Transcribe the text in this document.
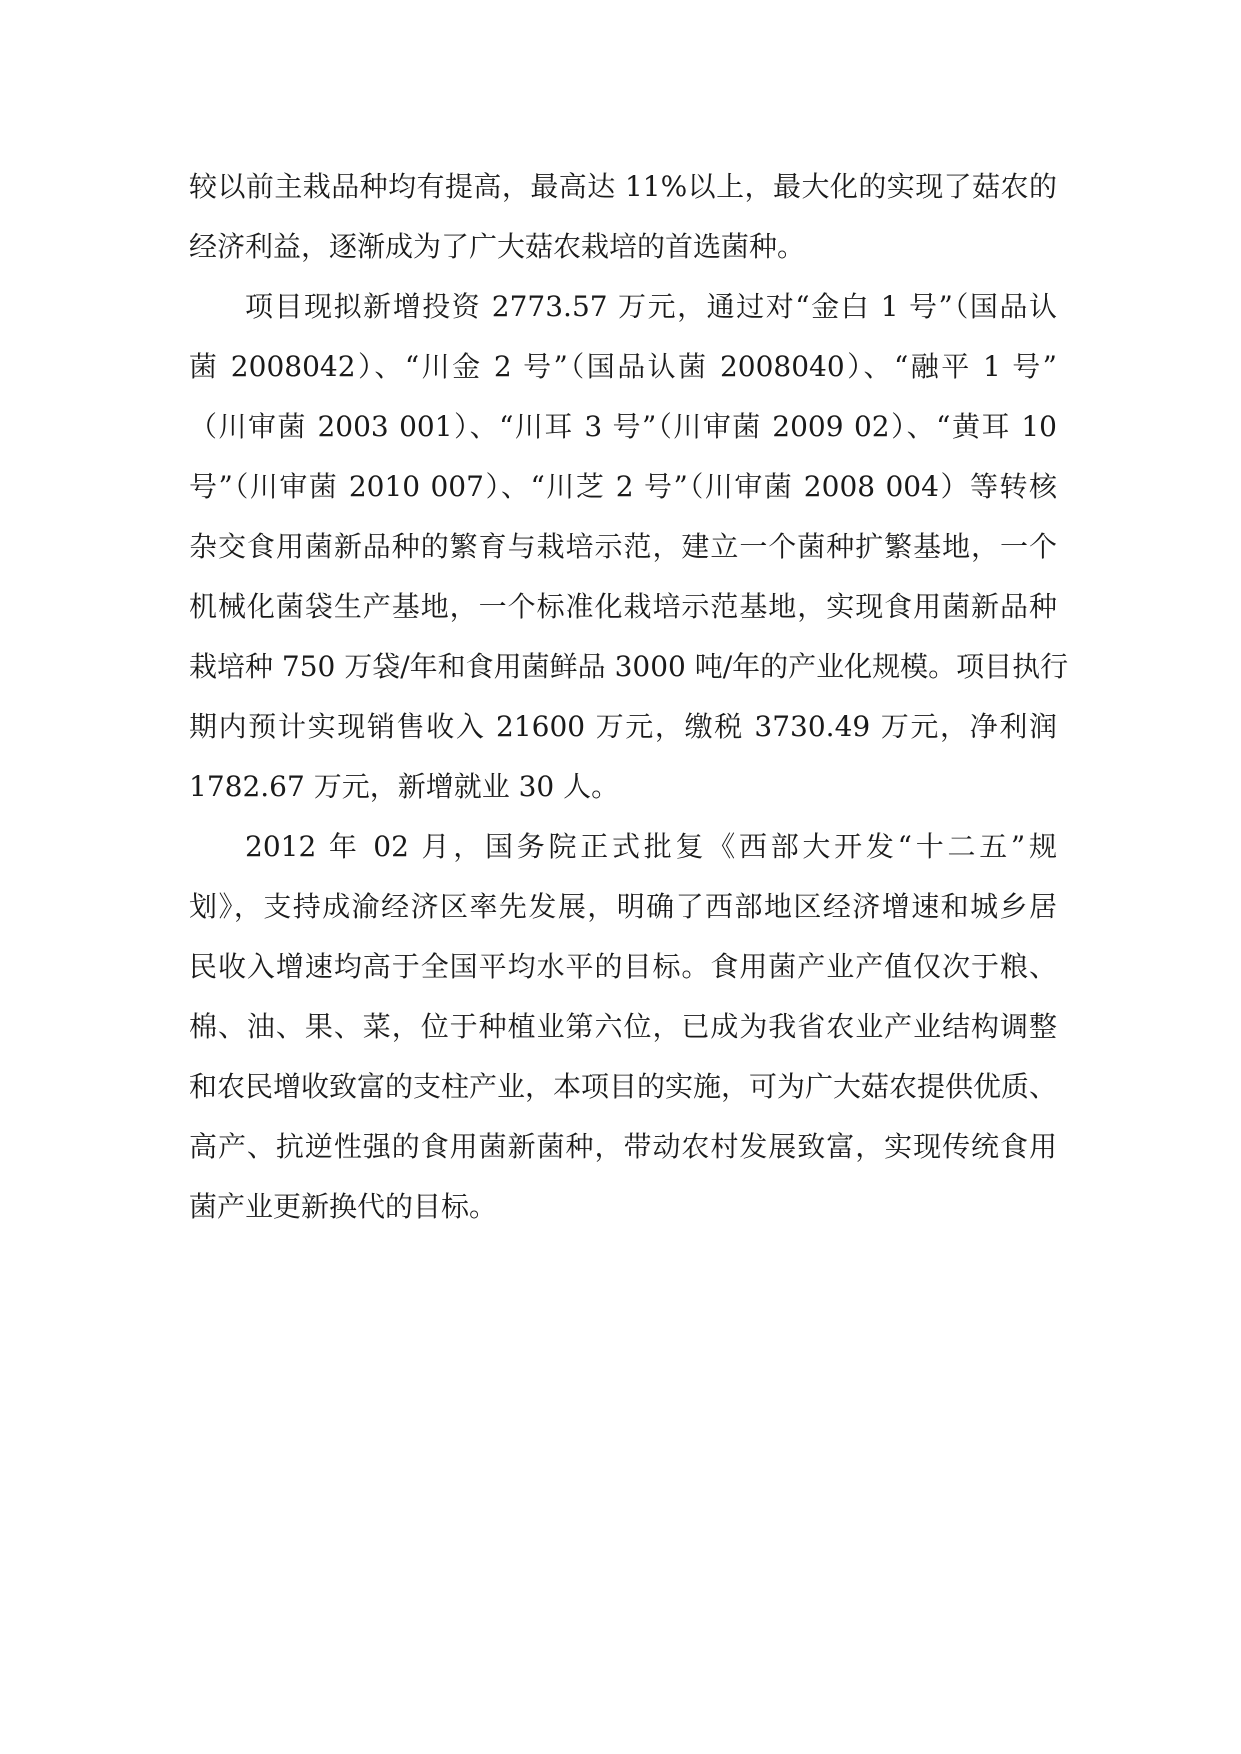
较以前主栽品种均有提高，最高达 11%以上，最大化的实现了菇农的
经济利益，逐渐成为了广大菇农栽培的首选菌种。
项目现拟新增投资 2773.57 万元，通过对“金白 1 号”（国品认
菌 2008042）、“川金 2 号”（国品认菌 2008040）、“融平 1 号”
（川审菌 2003 001）、“川耳 3 号”（川审菌 2009 02）、“黄耳 10
号”（川审菌 2010 007）、“川芝 2 号”（川审菌 2008 004）等转核
杂交食用菌新品种的繁育与栽培示范，建立一个菌种扩繁基地，一个
机械化菌袋生产基地，一个标准化栽培示范基地，实现食用菌新品种
栽培种 750 万袋/年和食用菌鲜品 3000 吨/年的产业化规模。项目执行
期内预计实现销售收入 21600 万元，缴税 3730.49 万元，净利润
1782.67 万元，新增就业 30 人。
2012 年 02 月，国务院正式批复《西部大开发“十二五”规
划》，支持成渝经济区率先发展，明确了西部地区经济增速和城乡居
民收入增速均高于全国平均水平的目标。食用菌产业产值仅次于粮、
棉、油、果、菜，位于种植业第六位，已成为我省农业产业结构调整
和农民增收致富的支柱产业，本项目的实施，可为广大菇农提供优质、
高产、抗逆性强的食用菌新菌种，带动农村发展致富，实现传统食用
菌产业更新换代的目标。
